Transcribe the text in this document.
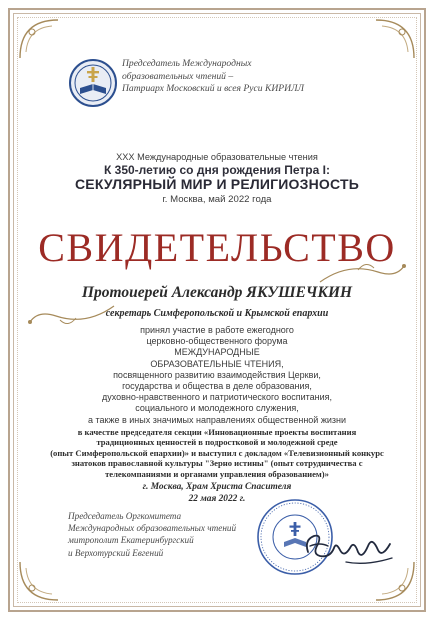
Председатель Международных
образовательных чтений –
Патриарх Московский и всея Руси КИРИЛЛ
XXX Международные образовательные чтения
К 350-летию со дня рождения Петра I:
СЕКУЛЯРНЫЙ МИР И РЕЛИГИОЗНОСТЬ
г. Москва, май 2022 года
СВИДЕТЕЛЬСТВО
Протоиерей Александр ЯКУШЕЧКИН
секретарь Симферопольской и Крымской епархии
принял участие в работе ежегодного
церковно-общественного форума
МЕЖДУНАРОДНЫЕ
ОБРАЗОВАТЕЛЬНЫЕ ЧТЕНИЯ,
посвященного развитию взаимодействия Церкви,
государства и общества в деле образования,
духовно-нравственного и патриотического воспитания,
социального и молодежного служения,
а также в иных значимых направлениях общественной жизни
в качестве председателя секции «Инновационные проекты воспитания
традиционных ценностей в подростковой и молодежной среде
(опыт Симферопольской епархии)» и выступил с докладом «Телевизионный конкурс
знатоков православной культуры "Зерно истины" (опыт сотрудничества с
телекомпаниями и органами управления образованием)»
г. Москва, Храм Христа Спасителя
22 мая 2022 г.
Председатель Оргкомитета
Международных образовательных чтений
митрополит Екатеринбургский
и Верхотурский Евгений
